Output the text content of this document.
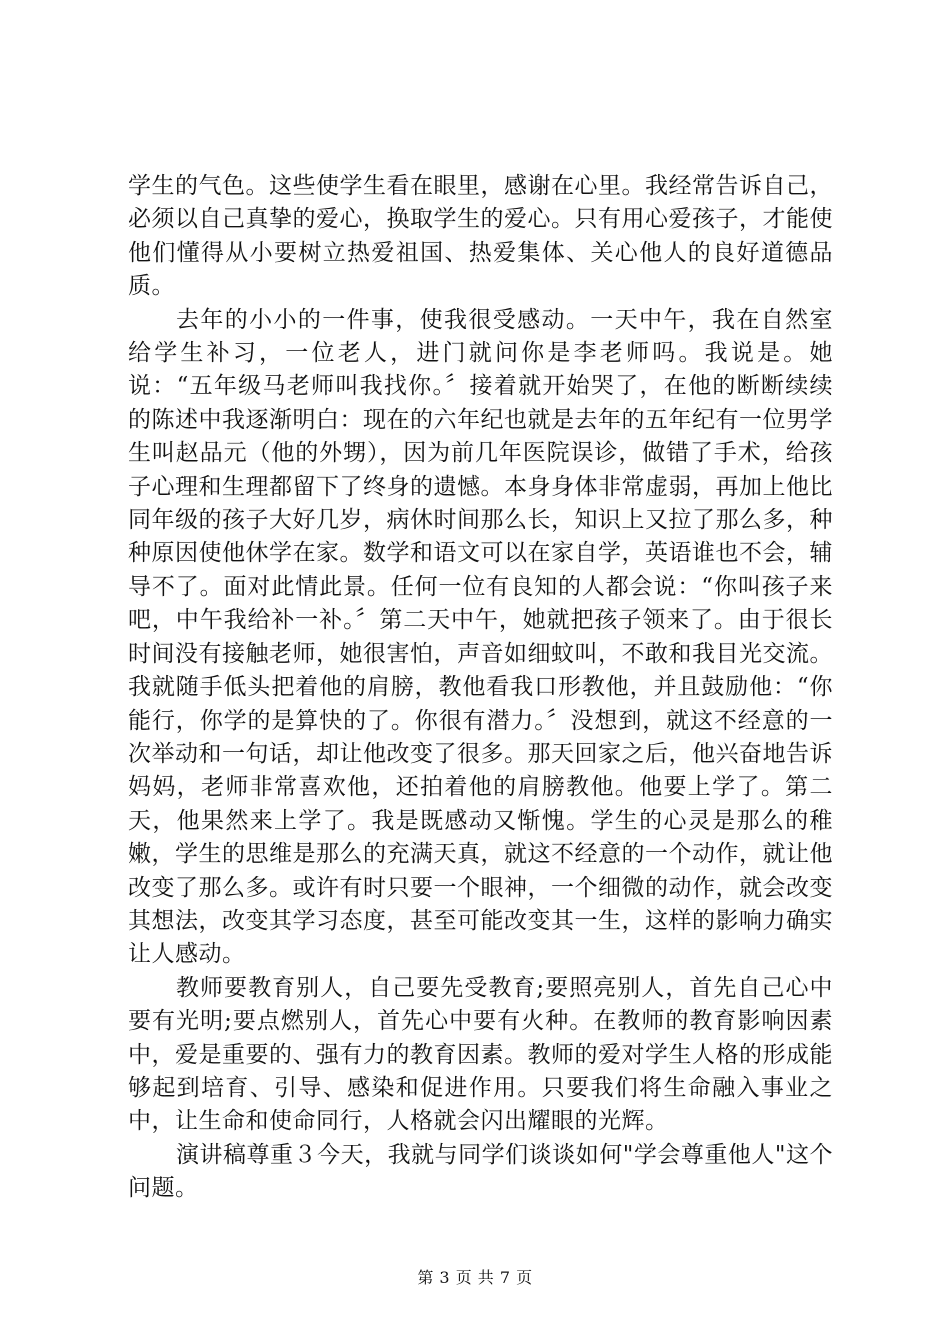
学生的气色。这些使学生看在眼里，感谢在心里。我经常告诉自己，必须以自己真挚的爱心，换取学生的爱心。只有用心爱孩子，才能使他们懂得从小要树立热爱祖国、热爱集体、关心他人的良好道德品质。

去年的小小的一件事，使我很受感动。一天中午，我在自然室给学生补习，一位老人，进门就问你是李老师吗。我说是。她说：“五年级马老师叫我找你。〞接着就开始哭了，在他的断断续续的陈述中我逐渐明白：现在的六年纪也就是去年的五年纪有一位男学生叫赵品元（他的外甥），因为前几年医院误诊，做错了手术，给孩子心理和生理都留下了终身的遗憾。本身身体非常虚弱，再加上他比同年级的孩子大好几岁，病休时间那么长，知识上又拉了那么多，种种原因使他休学在家。数学和语文可以在家自学，英语谁也不会，辅导不了。面对此情此景。任何一位有良知的人都会说：“你叫孩子来吧，中午我给补一补。〞第二天中午，她就把孩子领来了。由于很长时间没有接触老师，她很害怕，声音如细蚊叫，不敢和我目光交流。我就随手低头把着他的肩膀，教他看我口形教他，并且鼓励他：“你能行，你学的是算快的了。你很有潜力。〞没想到，就这不经意的一次举动和一句话，却让他改变了很多。那天回家之后，他兴奋地告诉妈妈，老师非常喜欢他，还拍着他的肩膀教他。他要上学了。第二天，他果然来上学了。我是既感动又惭愧。学生的心灵是那么的稚嫩，学生的思维是那么的充满天真，就这不经意的一个动作，就让他改变了那么多。或许有时只要一个眼神，一个细微的动作，就会改变其想法，改变其学习态度，甚至可能改变其一生，这样的影响力确实让人感动。

教师要教育别人，自己要先受教育;要照亮别人，首先自己心中要有光明;要点燃别人，首先心中要有火种。在教师的教育影响因素中，爱是重要的、强有力的教育因素。教师的爱对学生人格的形成能够起到培育、引导、感染和促进作用。只要我们将生命融入事业之中，让生命和使命同行，人格就会闪出耀眼的光辉。

演讲稿尊重３今天，我就与同学们谈谈如何"学会尊重他人"这个问题。

第 3 页 共 7 页
